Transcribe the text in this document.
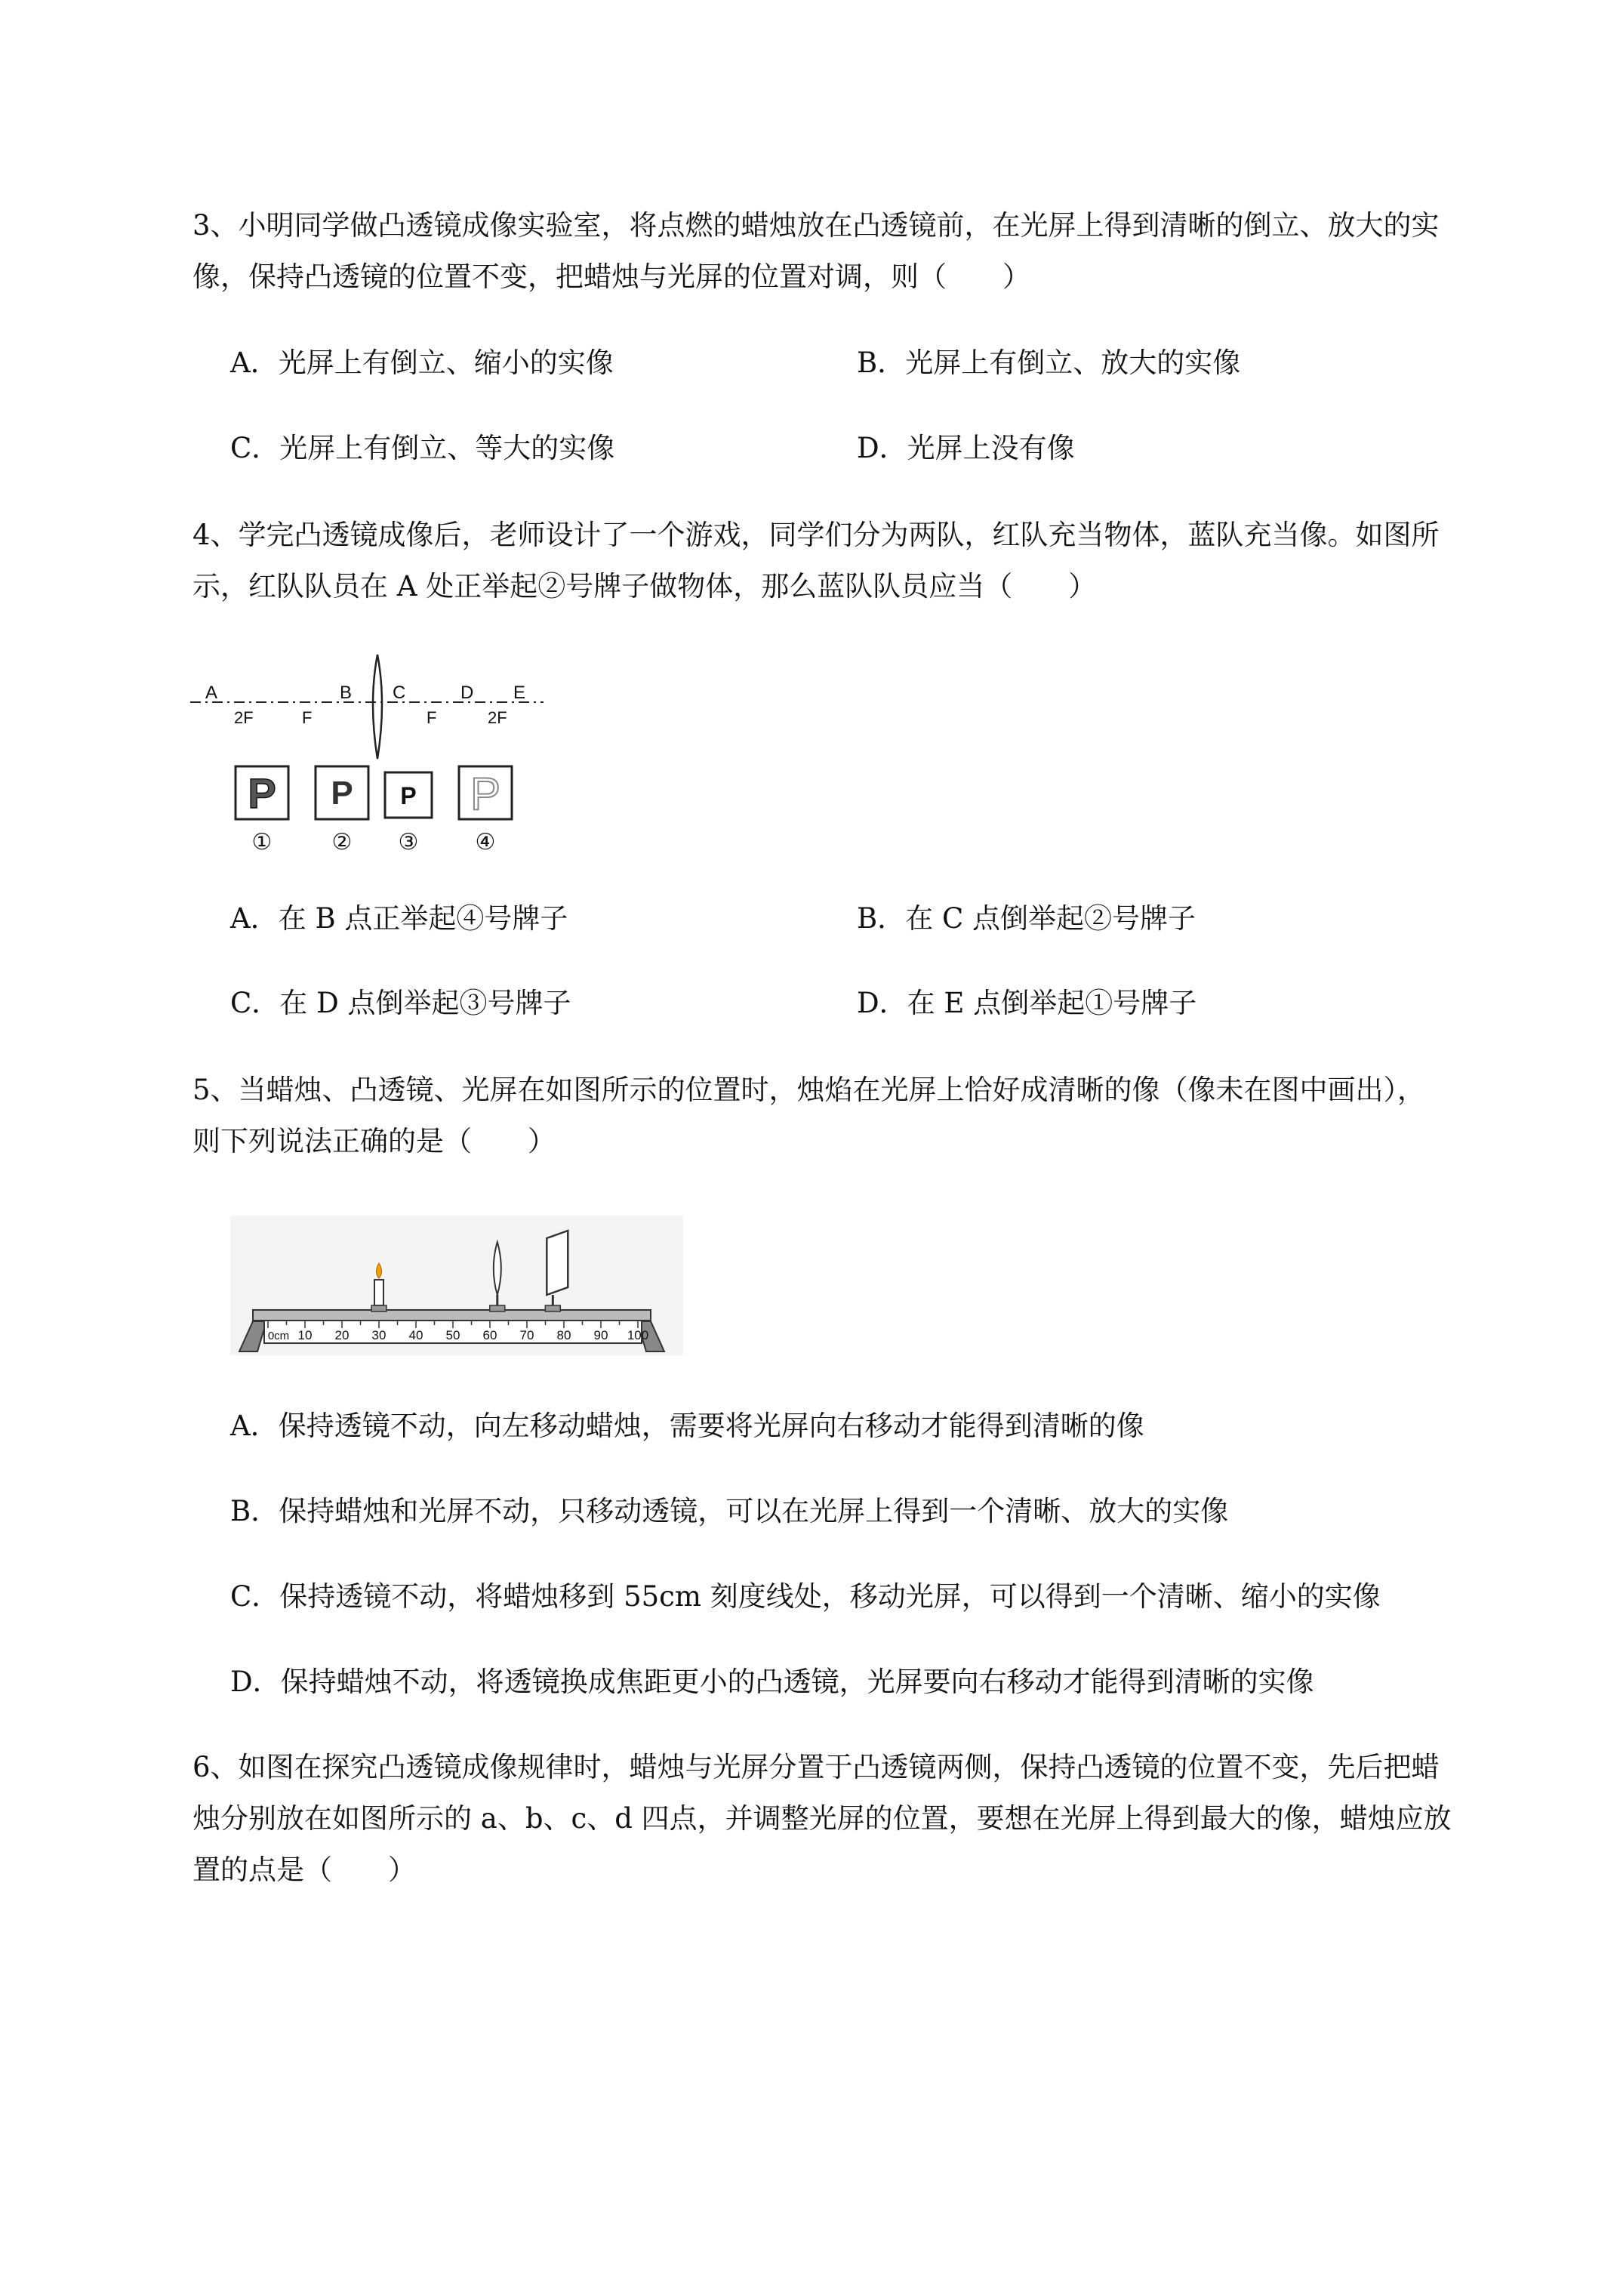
3、小明同学做凸透镜成像实验室，将点燃的蜡烛放在凸透镜前，在光屏上得到清晰的倒立、放大的实
像，保持凸透镜的位置不变，把蜡烛与光屏的位置对调，则（　　）
A．光屏上有倒立、缩小的实像	B．光屏上有倒立、放大的实像
C．光屏上有倒立、等大的实像	D．光屏上没有像
4、学完凸透镜成像后，老师设计了一个游戏，同学们分为两队，红队充当物体，蓝队充当像。如图所
示，红队队员在 A 处正举起②号牌子做物体，那么蓝队队员应当（　　）
A	B C	D E
2F	F	F	2F
P P P P
①	② ③	④
A．在 B 点正举起④号牌子	B．在 C 点倒举起②号牌子
C．在 D 点倒举起③号牌子	D．在 E 点倒举起①号牌子
5、当蜡烛、凸透镜、光屏在如图所示的位置时，烛焰在光屏上恰好成清晰的像（像未在图中画出），
则下列说法正确的是（　　）
0cm 10 20 30 40 50 60 70 80 90 100
A．保持透镜不动，向左移动蜡烛，需要将光屏向右移动才能得到清晰的像
B．保持蜡烛和光屏不动，只移动透镜，可以在光屏上得到一个清晰、放大的实像
C．保持透镜不动，将蜡烛移到 55cm 刻度线处，移动光屏，可以得到一个清晰、缩小的实像
D．保持蜡烛不动，将透镜换成焦距更小的凸透镜，光屏要向右移动才能得到清晰的实像
6、如图在探究凸透镜成像规律时，蜡烛与光屏分置于凸透镜两侧，保持凸透镜的位置不变，先后把蜡
烛分别放在如图所示的 a、b、c、d 四点，并调整光屏的位置，要想在光屏上得到最大的像，蜡烛应放
置的点是（　　）
